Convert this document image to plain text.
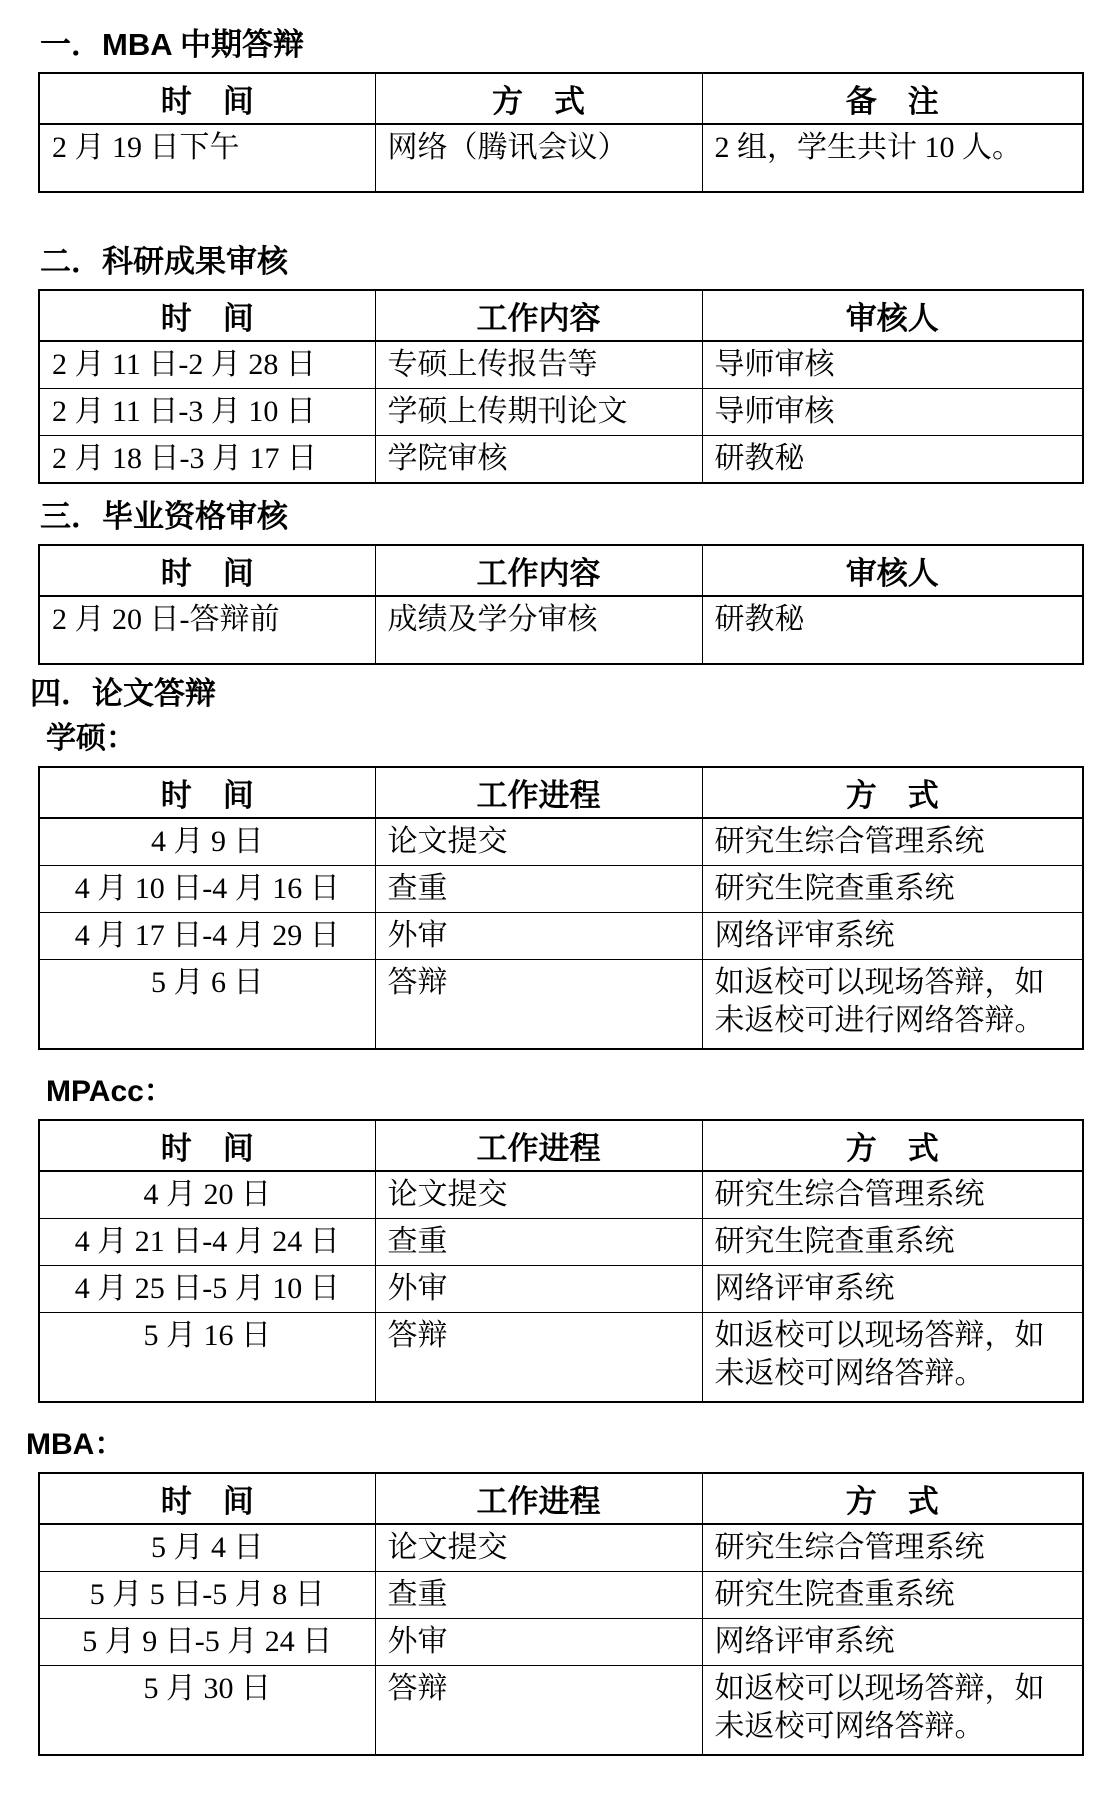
一．MBA 中期答辩
时　间	方　式	备　注
2 月 19 日下午	网络（腾讯会议）	2 组，学生共计 10 人。
二．科研成果审核
时　间	工作内容	审核人
2 月 11 日-2 月 28 日	专硕上传报告等	导师审核
2 月 11 日-3 月 10 日	学硕上传期刊论文	导师审核
2 月 18 日-3 月 17 日	学院审核	研教秘
三．毕业资格审核
时　间	工作内容	审核人
2 月 20 日-答辩前	成绩及学分审核	研教秘
四．论文答辩
学硕：
时　间	工作进程	方　式
4 月 9 日	论文提交	研究生综合管理系统
4 月 10 日-4 月 16 日	查重	研究生院查重系统
4 月 17 日-4 月 29 日	外审	网络评审系统
5 月 6 日	答辩	如返校可以现场答辩，如未返校可进行网络答辩。
MPAcc：
时　间	工作进程	方　式
4 月 20 日	论文提交	研究生综合管理系统
4 月 21 日-4 月 24 日	查重	研究生院查重系统
4 月 25 日-5 月 10 日	外审	网络评审系统
5 月 16 日	答辩	如返校可以现场答辩，如未返校可网络答辩。
MBA：
时　间	工作进程	方　式
5 月 4 日	论文提交	研究生综合管理系统
5 月 5 日-5 月 8 日	查重	研究生院查重系统
5 月 9 日-5 月 24 日	外审	网络评审系统
5 月 30 日	答辩	如返校可以现场答辩，如未返校可网络答辩。
